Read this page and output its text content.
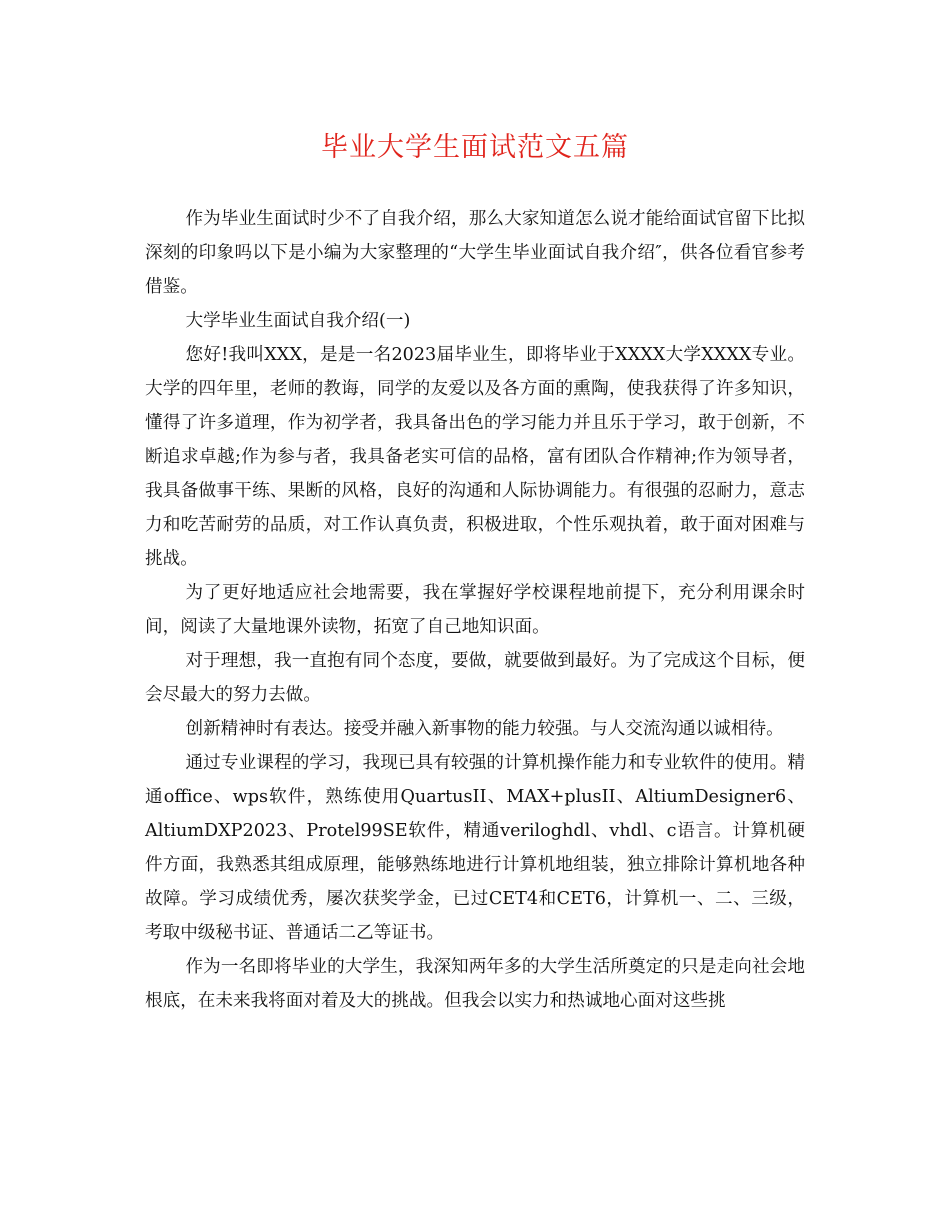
毕业大学生面试范文五篇

作为毕业生面试时少不了自我介绍，那么大家知道怎么说才能给面试官留下比拟深刻的印象吗以下是小编为大家整理的“大学生毕业面试自我介绍″，供各位看官参考借鉴。

大学毕业生面试自我介绍(一)

您好!我叫XXX，是是一名2023届毕业生，即将毕业于XXXX大学XXXX专业。大学的四年里，老师的教诲，同学的友爱以及各方面的熏陶，使我获得了许多知识，懂得了许多道理，作为初学者，我具备出色的学习能力并且乐于学习，敢于创新，不断追求卓越;作为参与者，我具备老实可信的品格，富有团队合作精神;作为领导者，我具备做事干练、果断的风格，良好的沟通和人际协调能力。有很强的忍耐力，意志力和吃苦耐劳的品质，对工作认真负责，积极进取，个性乐观执着，敢于面对困难与挑战。

为了更好地适应社会地需要，我在掌握好学校课程地前提下，充分利用课余时间，阅读了大量地课外读物，拓宽了自己地知识面。

对于理想，我一直抱有同个态度，要做，就要做到最好。为了完成这个目标，便会尽最大的努力去做。

创新精神时有表达。接受并融入新事物的能力较强。与人交流沟通以诚相待。

通过专业课程的学习，我现已具有较强的计算机操作能力和专业软件的使用。精通office、wps软件，熟练使用QuartusII、MAX+plusII、AltiumDesigner6、AltiumDXP2023、Protel99SE软件，精通veriloghdl、vhdl、c语言。计算机硬件方面，我熟悉其组成原理，能够熟练地进行计算机地组装，独立排除计算机地各种故障。学习成绩优秀，屡次获奖学金，已过CET4和CET6，计算机一、二、三级，考取中级秘书证、普通话二乙等证书。

作为一名即将毕业的大学生，我深知两年多的大学生活所奠定的只是走向社会地根底，在未来我将面对着及大的挑战。但我会以实力和热诚地心面对这些挑
